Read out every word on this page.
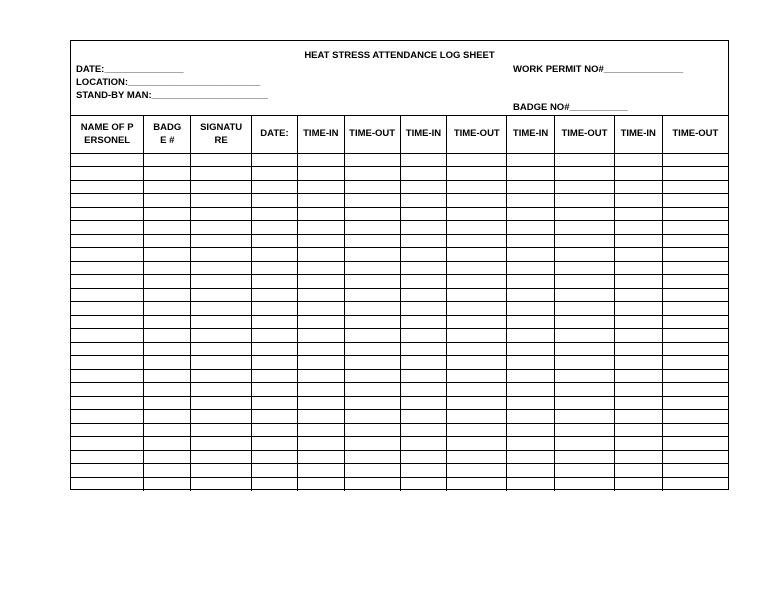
HEAT STRESS ATTENDANCE LOG SHEET
DATE:_______________
LOCATION:_________________________
STAND-BY MAN:______________________
WORK PERMIT NO#_______________
BADGE NO#___________
NAME OF PERSONEL	BADGE #	SIGNATURE	DATE:	TIME-IN	TIME-OUT	TIME-IN	TIME-OUT	TIME-IN	TIME-OUT	TIME-IN	TIME-OUT
